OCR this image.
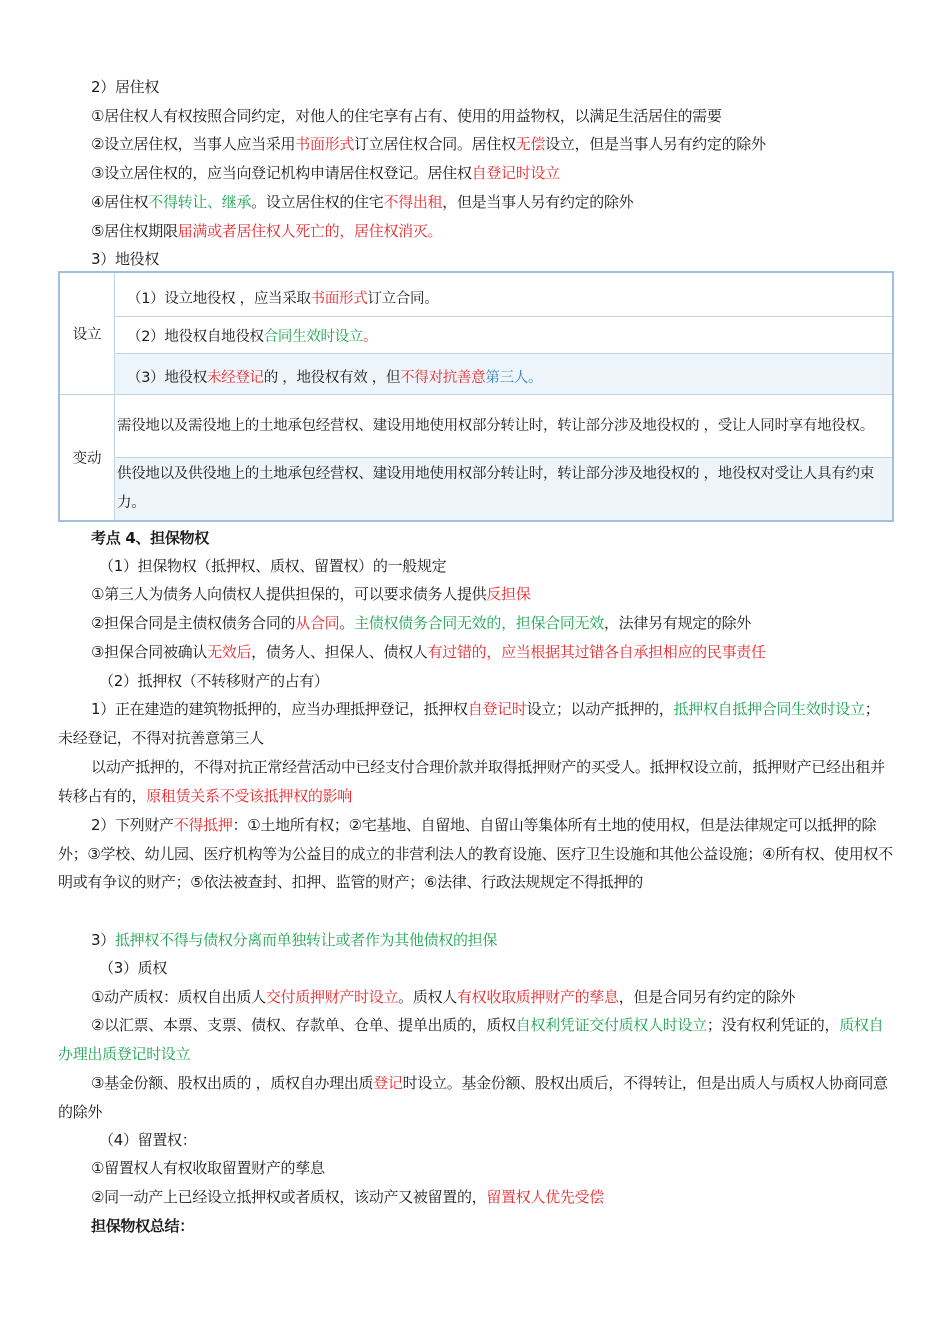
2）居住权
①居住权人有权按照合同约定，对他人的住宅享有占有、使用的用益物权，以满足生活居住的需要
②设立居住权，当事人应当采用书面形式订立居住权合同。居住权无偿设立，但是当事人另有约定的除外
③设立居住权的，应当向登记机构申请居住权登记。居住权自登记时设立
④居住权不得转让、继承。设立居住权的住宅不得出租，但是当事人另有约定的除外
⑤居住权期限届满或者居住权人死亡的，居住权消灭。
3）地役权
设立	（1）设立地役权 ，应当采取书面形式订立合同。
	（2）地役权自地役权合同生效时设立。
	（3）地役权未经登记的 ，地役权有效 ，但不得对抗善意第三人。
变动	需役地以及需役地上的土地承包经营权、建设用地使用权部分转让时，转让部分涉及地役权的 ，受让人同时享有地役权。
	供役地以及供役地上的土地承包经营权、建设用地使用权部分转让时，转让部分涉及地役权的 ，地役权对受让人具有约束力。
考点 4、担保物权
（1）担保物权（抵押权、质权、留置权）的一般规定
①第三人为债务人向债权人提供担保的，可以要求债务人提供反担保
②担保合同是主债权债务合同的从合同。主债权债务合同无效的，担保合同无效，法律另有规定的除外
③担保合同被确认无效后，债务人、担保人、债权人有过错的，应当根据其过错各自承担相应的民事责任
（2）抵押权（不转移财产的占有）
1）正在建造的建筑物抵押的，应当办理抵押登记，抵押权自登记时设立；以动产抵押的，抵押权自抵押合同生效时设立；未经登记，不得对抗善意第三人
以动产抵押的，不得对抗正常经营活动中已经支付合理价款并取得抵押财产的买受人。抵押权设立前，抵押财产已经出租并转移占有的，原租赁关系不受该抵押权的影响
2）下列财产不得抵押：①土地所有权；②宅基地、自留地、自留山等集体所有土地的使用权，但是法律规定可以抵押的除外；③学校、幼儿园、医疗机构等为公益目的成立的非营利法人的教育设施、医疗卫生设施和其他公益设施；④所有权、使用权不明或有争议的财产；⑤依法被查封、扣押、监管的财产；⑥法律、行政法规规定不得抵押的
3）抵押权不得与债权分离而单独转让或者作为其他债权的担保
（3）质权
①动产质权：质权自出质人交付质押财产时设立。质权人有权收取质押财产的孳息，但是合同另有约定的除外
②以汇票、本票、支票、债权、存款单、仓单、提单出质的，质权自权利凭证交付质权人时设立；没有权利凭证的，质权自办理出质登记时设立
③基金份额、股权出质的 ，质权自办理出质登记时设立。基金份额、股权出质后，不得转让，但是出质人与质权人协商同意的除外
（4）留置权：
①留置权人有权收取留置财产的孳息
②同一动产上已经设立抵押权或者质权，该动产又被留置的，留置权人优先受偿
担保物权总结：
